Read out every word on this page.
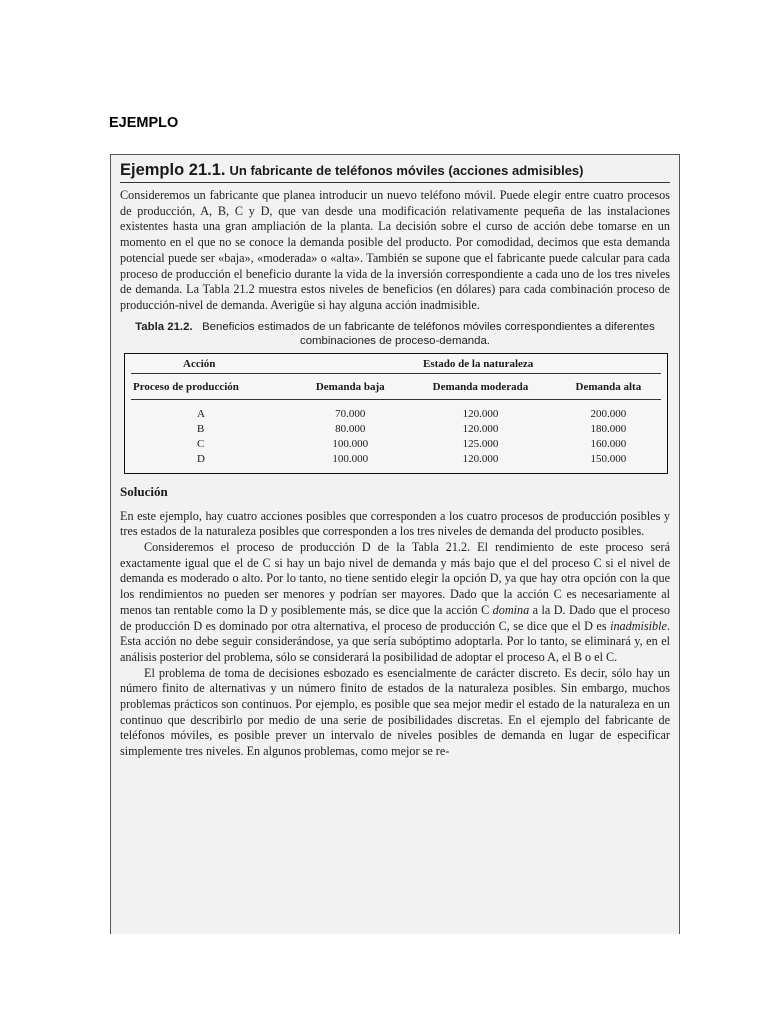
EJEMPLO
Ejemplo 21.1. Un fabricante de teléfonos móviles (acciones admisibles)

Consideremos un fabricante que planea introducir un nuevo teléfono móvil. Puede elegir entre cuatro procesos de producción, A, B, C y D, que van desde una modificación relativamente pequeña de las instalaciones existentes hasta una gran ampliación de la planta. La decisión sobre el curso de acción debe tomarse en un momento en el que no se conoce la demanda posible del producto. Por comodidad, decimos que esta demanda potencial puede ser «baja», «moderada» o «alta». También se supone que el fabricante puede calcular para cada proceso de producción el beneficio durante la vida de la inversión correspondiente a cada uno de los tres niveles de demanda. La Tabla 21.2 muestra estos niveles de beneficios (en dólares) para cada combinación proceso de producción-nivel de demanda. Averigüe si hay alguna acción inadmisible.

Tabla 21.2. Beneficios estimados de un fabricante de teléfonos móviles correspondientes a diferentes combinaciones de proceso-demanda.
Acción	Estado de la naturaleza		
Proceso de producción	Demanda baja	Demanda moderada	Demanda alta
A	70.000	120.000	200.000
B	80.000	120.000	180.000
C	100.000	125.000	160.000
D	100.000	120.000	150.000
Solución

En este ejemplo, hay cuatro acciones posibles que corresponden a los cuatro procesos de producción posibles y tres estados de la naturaleza posibles que corresponden a los tres niveles de demanda del producto posibles.

Consideremos el proceso de producción D de la Tabla 21.2. El rendimiento de este proceso será exactamente igual que el de C si hay un bajo nivel de demanda y más bajo que el del proceso C si el nivel de demanda es moderado o alto. Por lo tanto, no tiene sentido elegir la opción D, ya que hay otra opción con la que los rendimientos no pueden ser menores y podrían ser mayores. Dado que la acción C es necesariamente al menos tan rentable como la D y posiblemente más, se dice que la acción C domina a la D. Dado que el proceso de producción D es dominado por otra alternativa, el proceso de producción C, se dice que el D es inadmisible. Esta acción no debe seguir considerándose, ya que sería subóptimo adoptarla. Por lo tanto, se eliminará y, en el análisis posterior del problema, sólo se considerará la posibilidad de adoptar el proceso A, el B o el C.

El problema de toma de decisiones esbozado es esencialmente de carácter discreto. Es decir, sólo hay un número finito de alternativas y un número finito de estados de la naturaleza posibles. Sin embargo, muchos problemas prácticos son continuos. Por ejemplo, es posible que sea mejor medir el estado de la naturaleza en un continuo que describirlo por medio de una serie de posibilidades discretas. En el ejemplo del fabricante de teléfonos móviles, es posible prever un intervalo de niveles posibles de demanda en lugar de especificar simplemente tres niveles. En algunos problemas, como mejor se re-
